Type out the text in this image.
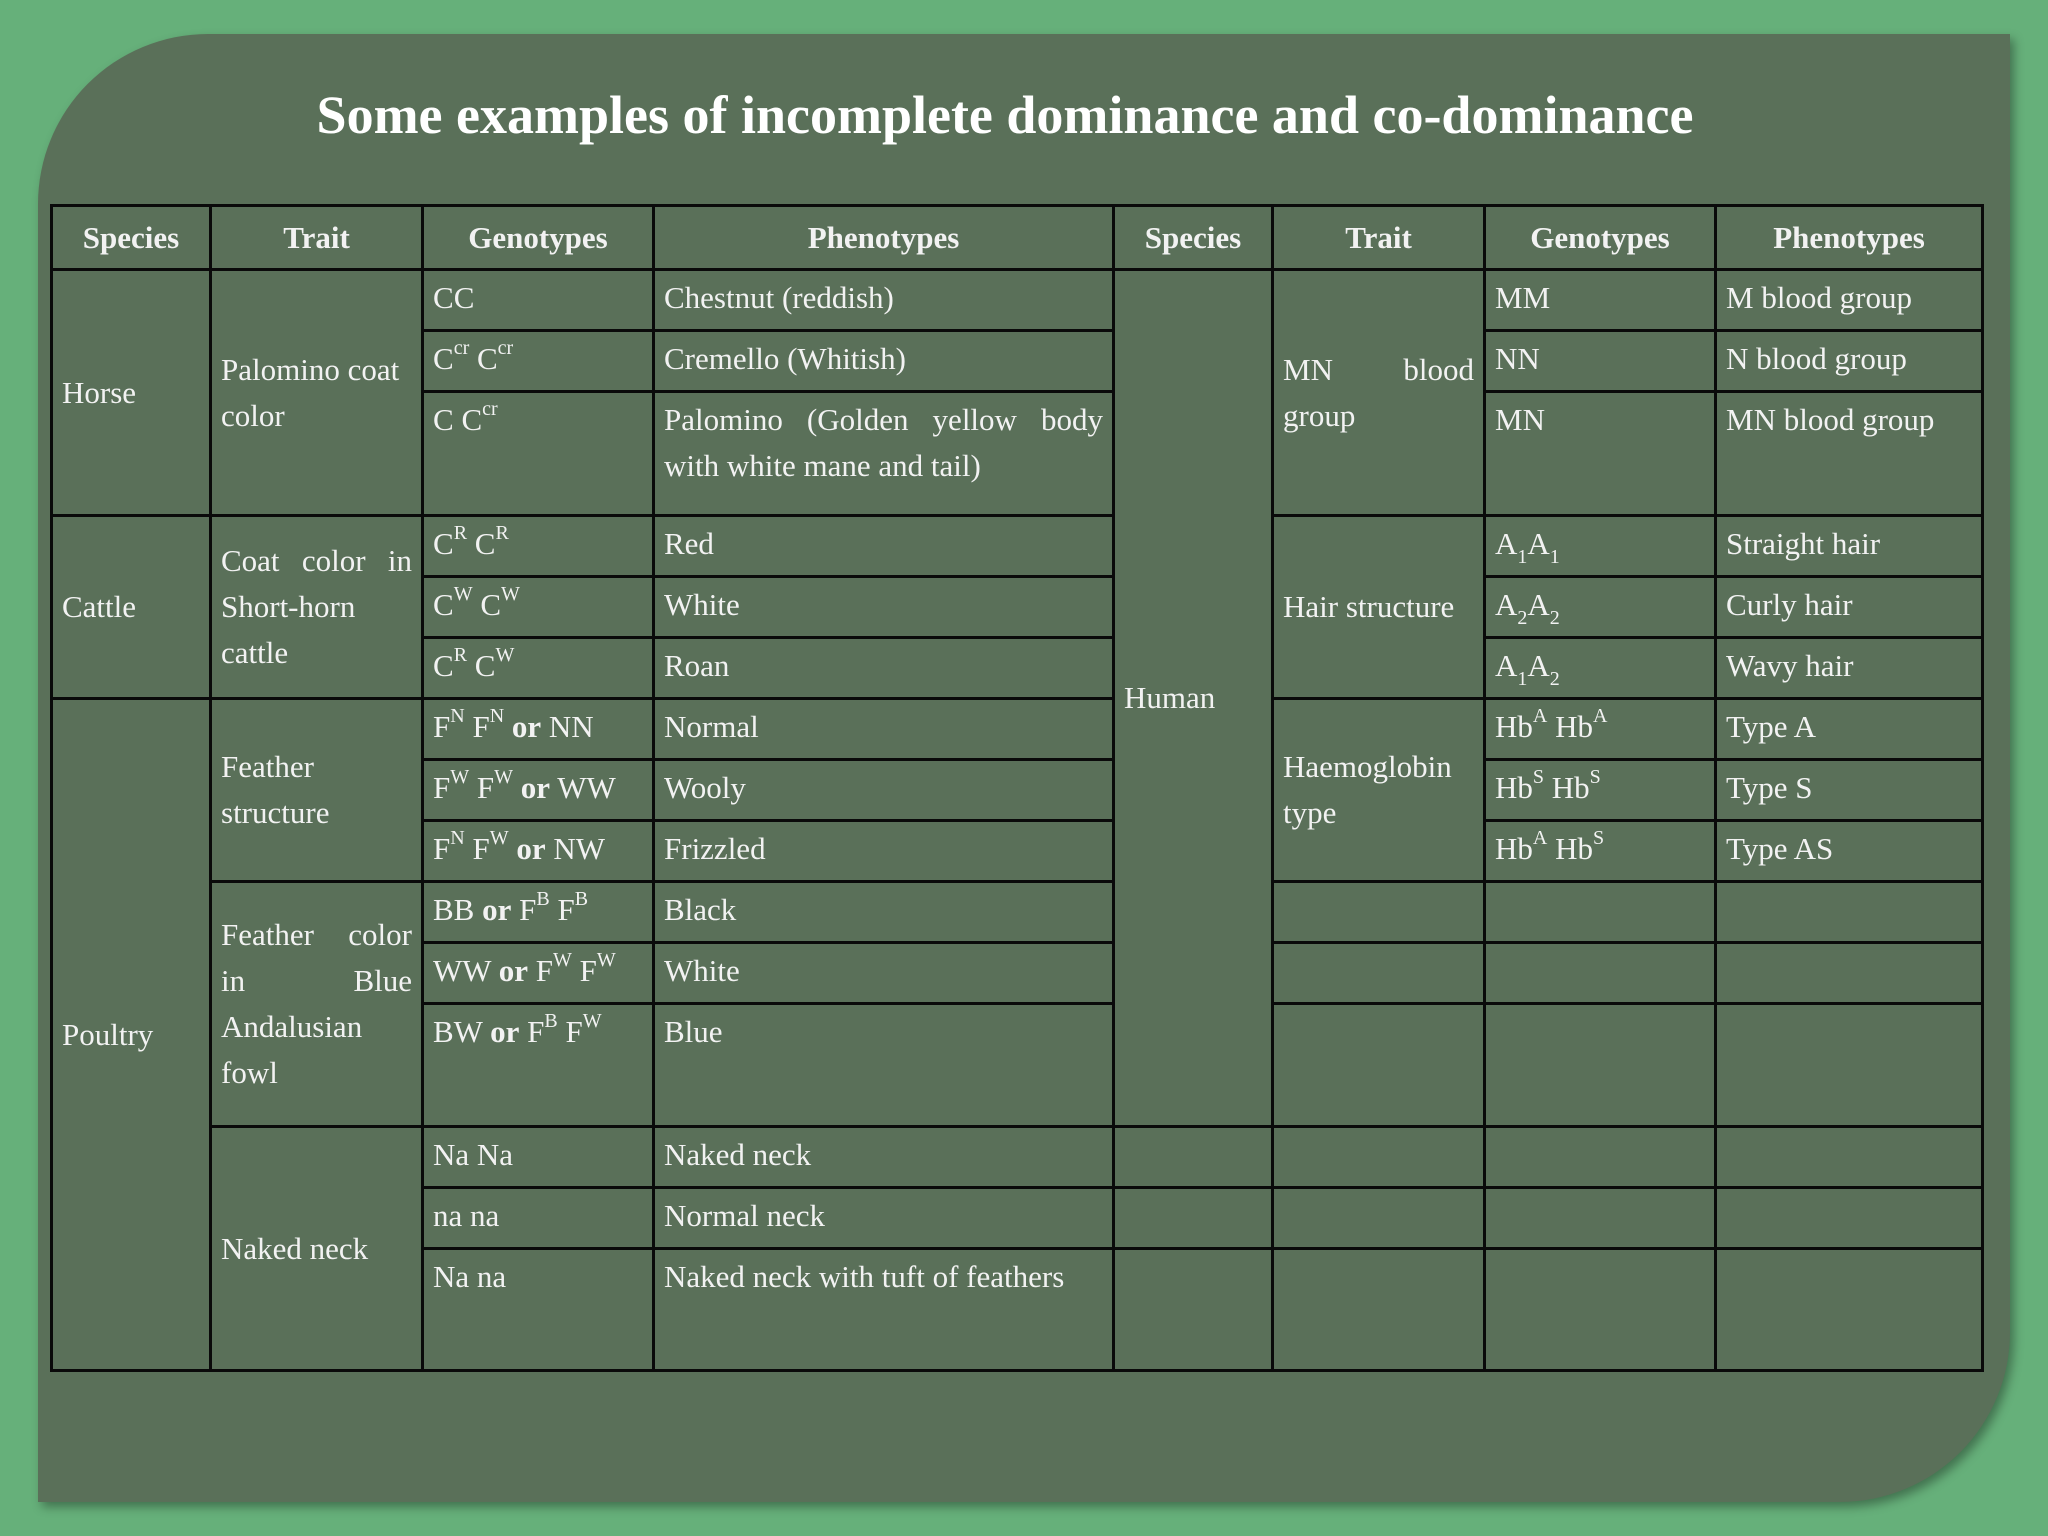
Some examples of incomplete dominance and co-dominance
Species	Trait	Genotypes	Phenotypes	Species	Trait	Genotypes	Phenotypes
Horse	Palomino coat color	CC	Chestnut (reddish)	Human	MN blood group	MM	M blood group
		$C^{cr}$ $C^{cr}$	Cremello (Whitish)			NN	N blood group
		C $C^{cr}$	Palomino (Golden yellow body with white mane and tail)			MN	MN blood group
Cattle	Coat color in Short-horn cattle	$C^R$ $C^R$	Red		Hair structure	$A_1A_1$	Straight hair
		$C^W$ $C^W$	White			$A_2A_2$	Curly hair
		$C^R$ $C^W$	Roan			$A_1A_2$	Wavy hair
Poultry	Feather structure	$F^N$ $F^N$ or NN	Normal		Haemoglobin type	$Hb^A$ $Hb^A$	Type A
		$F^W$ $F^W$ or WW	Wooly			$Hb^S$ $Hb^S$	Type S
		$F^N$ $F^W$ or NW	Frizzled			$Hb^A$ $Hb^S$	Type AS
	Feather color in Blue Andalusian fowl	BB or $F^B$ $F^B$	Black				
		WW or $F^W$ $F^W$	White				
		BW or $F^B$ $F^W$	Blue				
	Naked neck	Na Na	Naked neck				
		na na	Normal neck				
		Na na	Naked neck with tuft of feathers				
